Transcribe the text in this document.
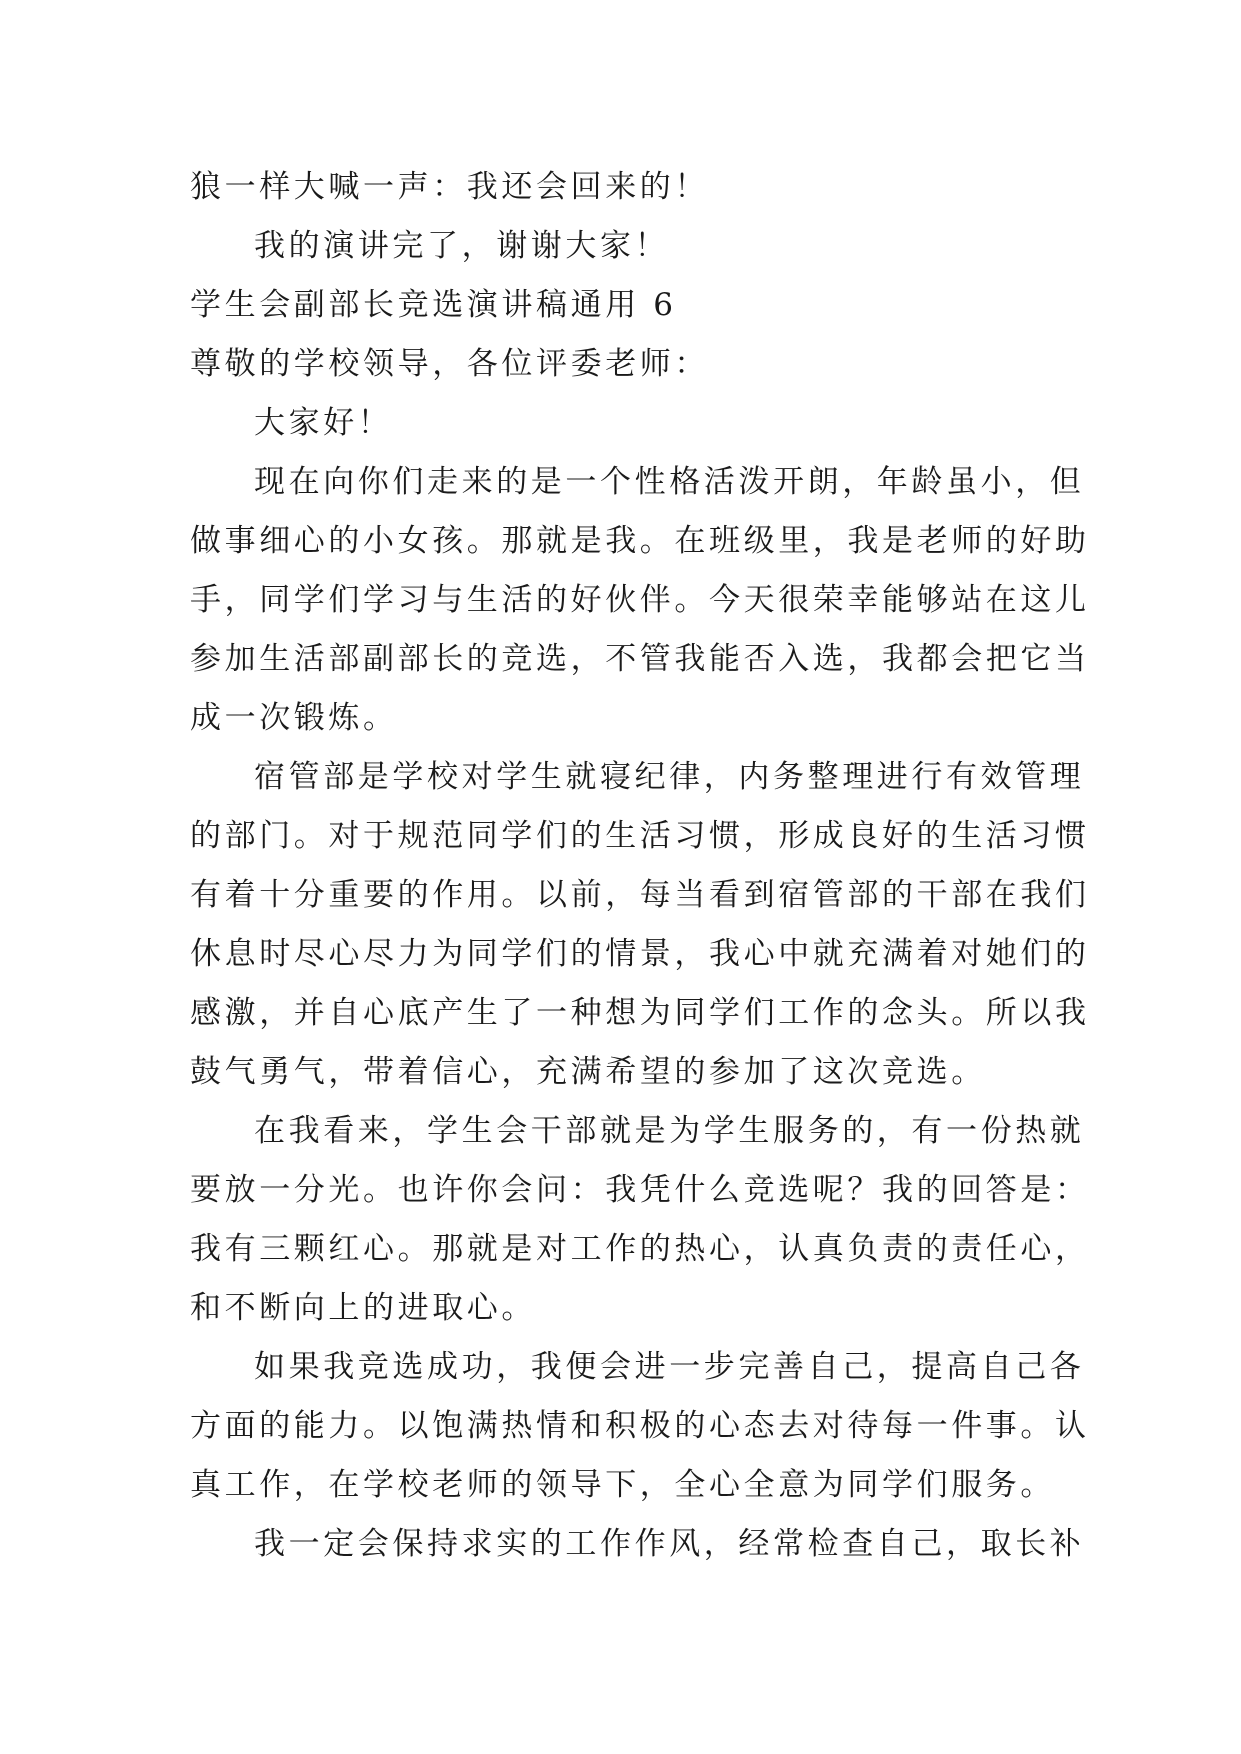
狼一样大喊一声：我还会回来的！
我的演讲完了，谢谢大家！
学生会副部长竞选演讲稿通用 6
尊敬的学校领导，各位评委老师：
大家好！
现在向你们走来的是一个性格活泼开朗，年龄虽小，但
做事细心的小女孩。那就是我。在班级里，我是老师的好助
手，同学们学习与生活的好伙伴。今天很荣幸能够站在这儿
参加生活部副部长的竞选，不管我能否入选，我都会把它当
成一次锻炼。
宿管部是学校对学生就寝纪律，内务整理进行有效管理
的部门。对于规范同学们的生活习惯，形成良好的生活习惯
有着十分重要的作用。以前，每当看到宿管部的干部在我们
休息时尽心尽力为同学们的情景，我心中就充满着对她们的
感激，并自心底产生了一种想为同学们工作的念头。所以我
鼓气勇气，带着信心，充满希望的参加了这次竞选。
在我看来，学生会干部就是为学生服务的，有一份热就
要放一分光。也许你会问：我凭什么竞选呢？我的回答是：
我有三颗红心。那就是对工作的热心，认真负责的责任心，
和不断向上的进取心。
如果我竞选成功，我便会进一步完善自己，提高自己各
方面的能力。以饱满热情和积极的心态去对待每一件事。认
真工作，在学校老师的领导下，全心全意为同学们服务。
我一定会保持求实的工作作风，经常检查自己，取长补
